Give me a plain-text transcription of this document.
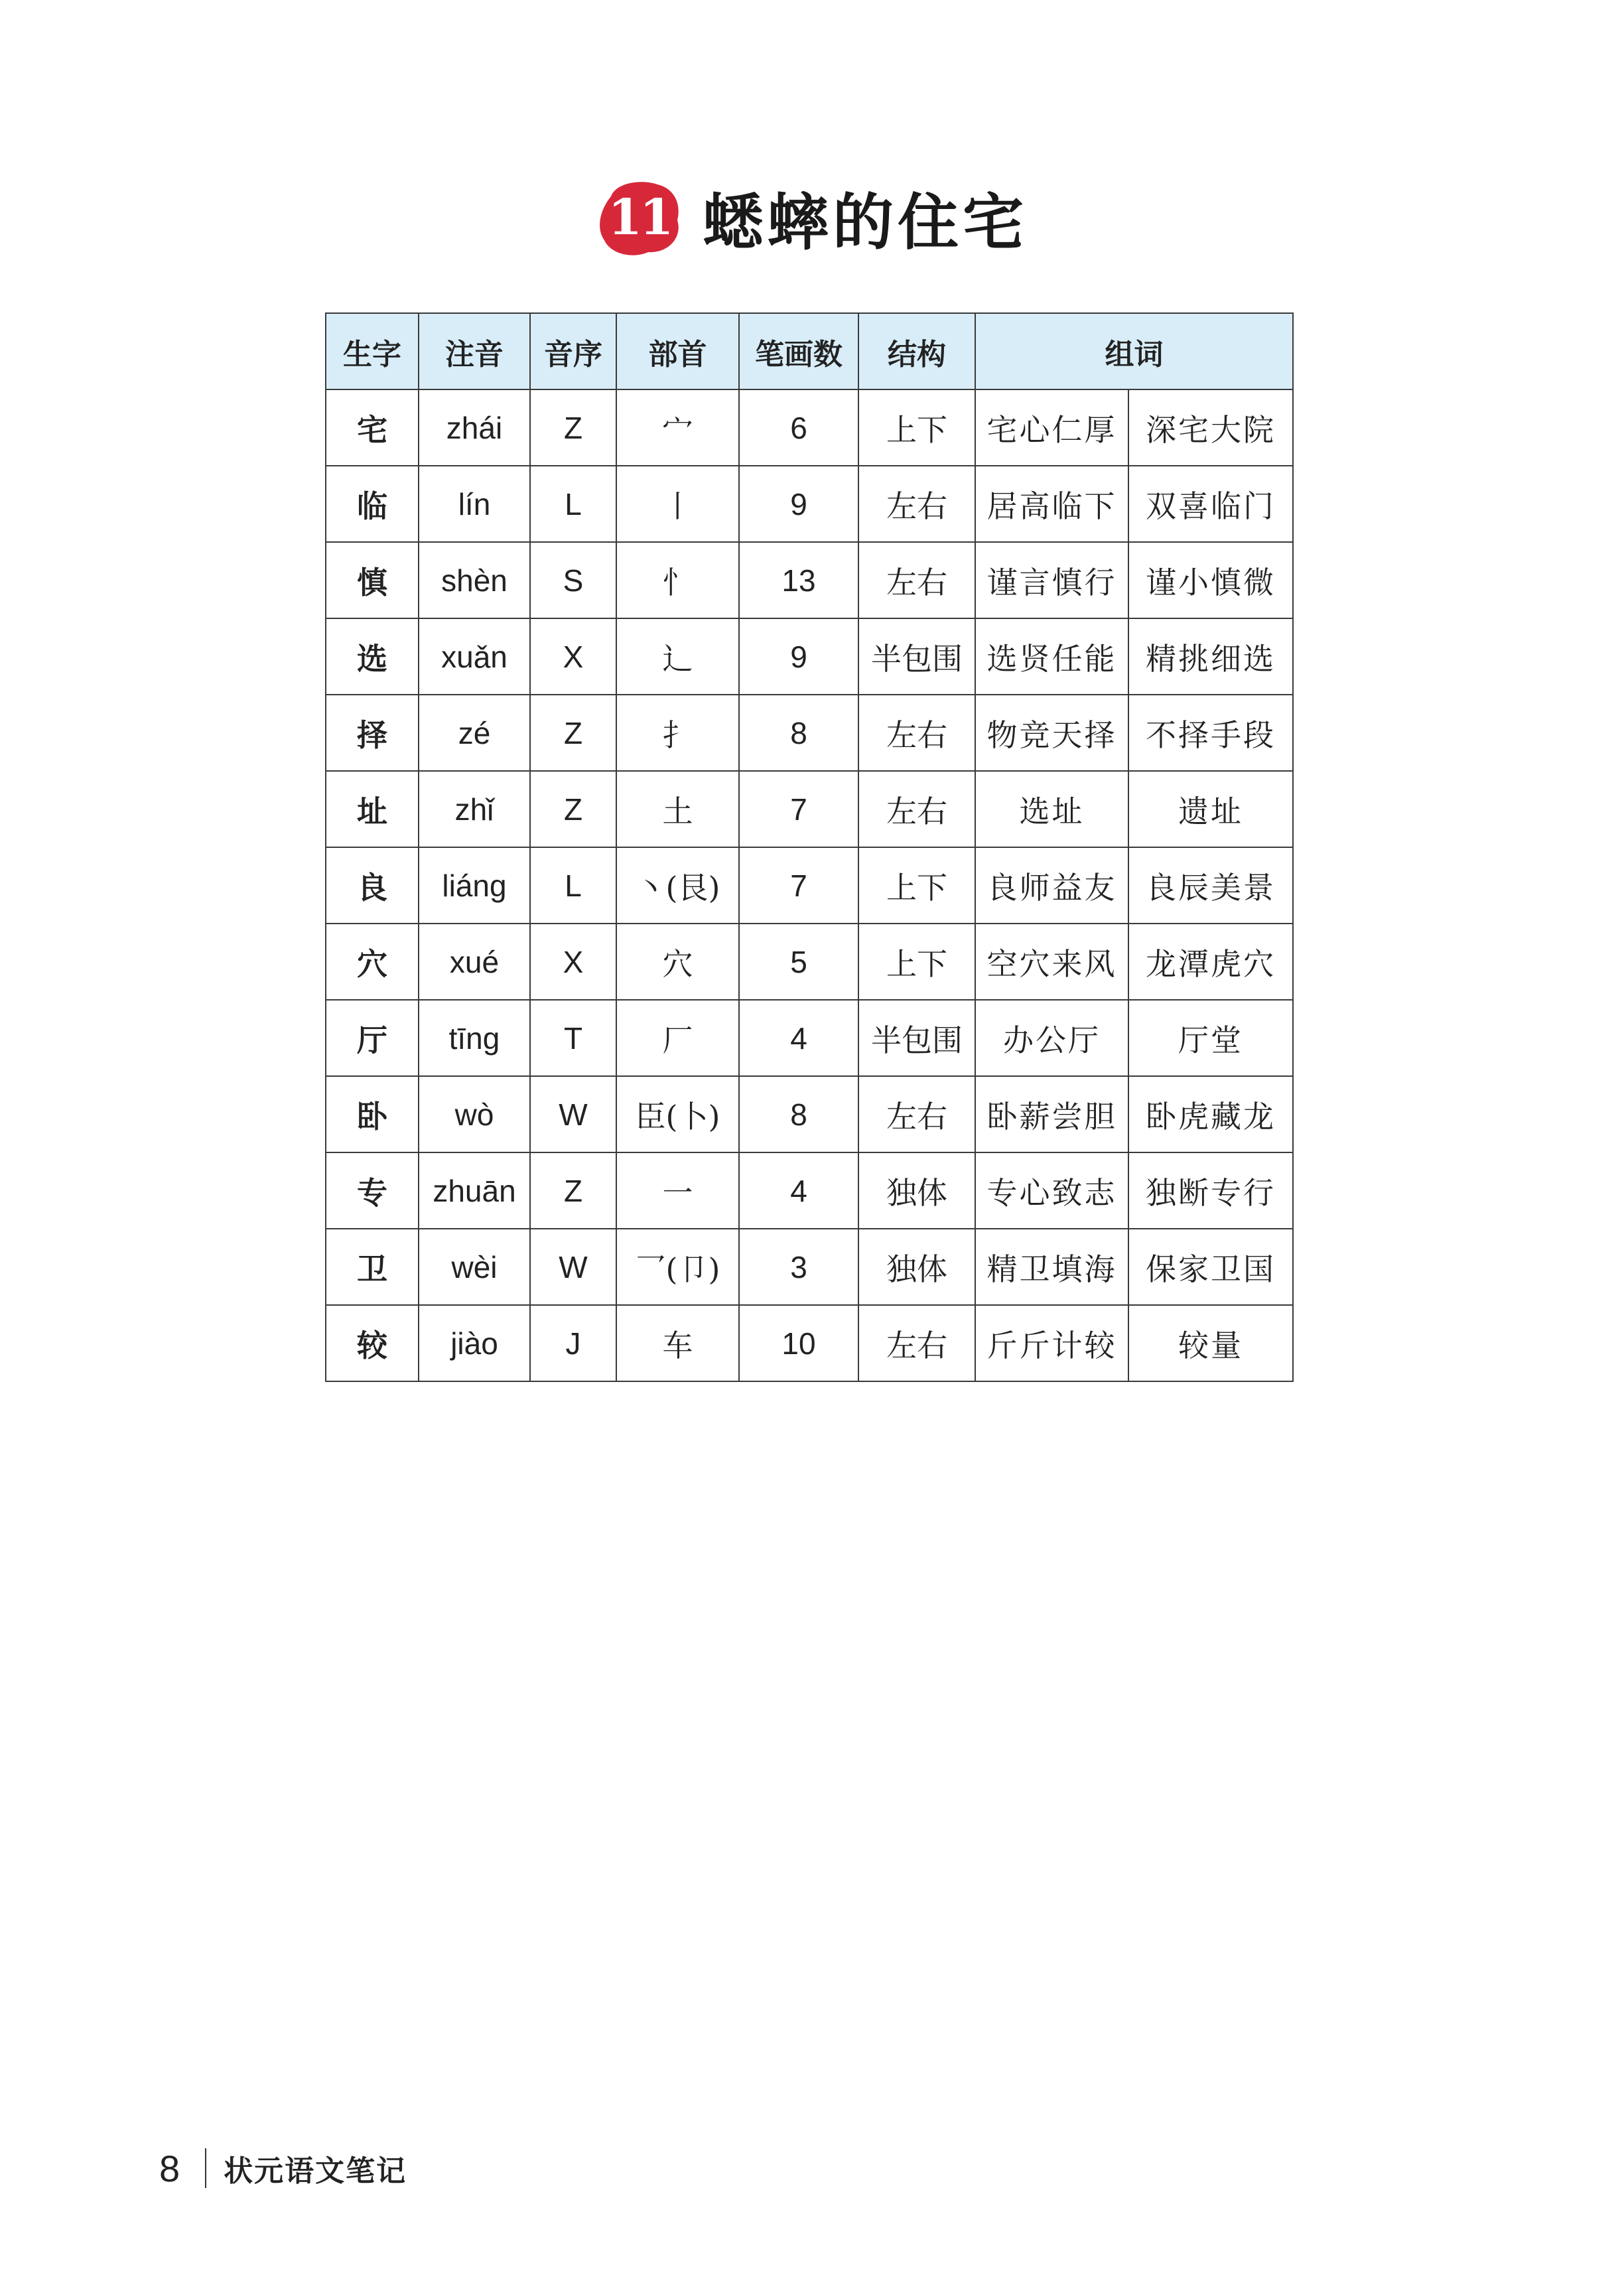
11 蟋蟀的住宅
生字	注音	音序	部首	笔画数	结构	组词	
宅	zhái	Z	宀	6	上下	宅心仁厚	深宅大院
临	lín	L	丨	9	左右	居高临下	双喜临门
慎	shèn	S	忄	13	左右	谨言慎行	谨小慎微
选	xuǎn	X	辶	9	半包围	选贤任能	精挑细选
择	zé	Z	扌	8	左右	物竞天择	不择手段
址	zhǐ	Z	土	7	左右	选址	遗址
良	liáng	L	丶(艮)	7	上下	良师益友	良辰美景
穴	xué	X	穴	5	上下	空穴来风	龙潭虎穴
厅	tīng	T	厂	4	半包围	办公厅	厅堂
卧	wò	W	臣(卜)	8	左右	卧薪尝胆	卧虎藏龙
专	zhuān	Z	一	4	独体	专心致志	独断专行
卫	wèi	W	乛(卩)	3	独体	精卫填海	保家卫国
较	jiào	J	车	10	左右	斤斤计较	较量
8 状元语文笔记
